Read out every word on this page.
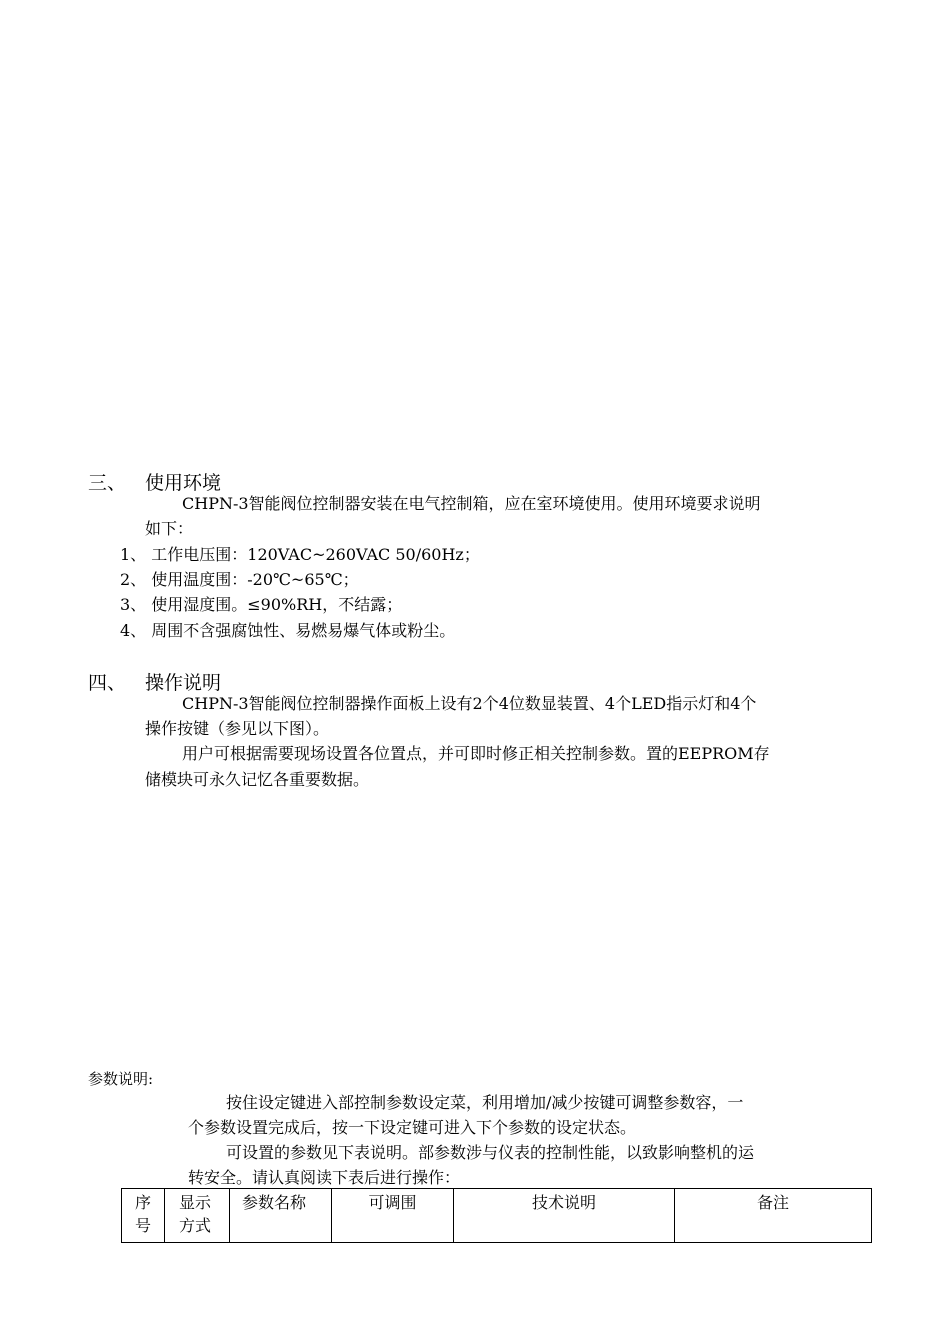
三、 使用环境
CHPN-3智能阀位控制器安装在电气控制箱，应在室环境使用。使用环境要求说明
如下：
1、 工作电压围：120VAC~260VAC 50/60Hz；
2、 使用温度围：-20℃~65℃；
3、 使用湿度围。≤90%RH，不结露；
4、 周围不含强腐蚀性、易燃易爆气体或粉尘。
四、 操作说明
CHPN-3智能阀位控制器操作面板上设有2个4位数显装置、4个LED指示灯和4个
操作按键（参见以下图）。
用户可根据需要现场设置各位置点，并可即时修正相关控制参数。置的EEPROM存
储模块可永久记忆各重要数据。
参数说明:
按住设定键进入部控制参数设定菜，利用增加/减少按键可调整参数容，一
个参数设置完成后，按一下设定键可进入下个参数的设定状态。
可设置的参数见下表说明。部参数涉与仪表的控制性能，以致影响整机的运
转安全。请认真阅读下表后进行操作：
序号	显示方式	参数名称	可调围	技术说明	备注
